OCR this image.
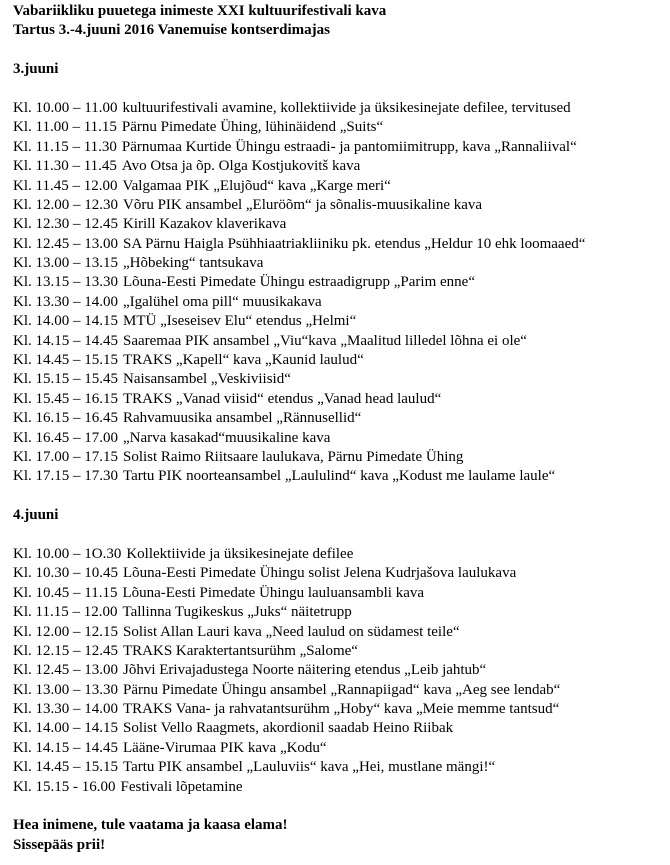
Vabariikliku puuetega inimeste XXI kultuurifestivali kava
Tartus 3.-4.juuni 2016 Vanemuise kontserdimajas
3.juuni
Kl. 10.00 – 11.00 kultuurifestivali avamine, kollektiivide ja üksikesinejate defilee, tervitused
Kl. 11.00 – 11.15 Pärnu Pimedate Ühing, lühinäidend „Suits“
Kl. 11.15 – 11.30 Pärnumaa Kurtide Ühingu estraadi- ja pantomiimitrupp, kava „Rannaliival“
Kl. 11.30 – 11.45 Avo Otsa ja õp. Olga Kostjukovitš kava
Kl. 11.45 – 12.00 Valgamaa PIK „Elujõud“ kava „Karge meri“
Kl. 12.00 – 12.30 Võru PIK ansambel „Eluröõm“ ja sõnalis-muusikaline kava
Kl. 12.30 – 12.45 Kirill Kazakov klaverikava
Kl. 12.45 – 13.00 SA Pärnu Haigla Psühhiaatriakliiniku pk. etendus „Heldur 10 ehk loomaaed“
Kl. 13.00 – 13.15 „Hõbeking“ tantsukava
Kl. 13.15 – 13.30 Lõuna-Eesti Pimedate Ühingu estraadigrupp „Parim enne“
Kl. 13.30 – 14.00 „Igalühel oma pill“ muusikakava
Kl. 14.00 – 14.15 MTÜ „Iseseisev Elu“ etendus „Helmi“
Kl. 14.15 – 14.45 Saaremaa PIK ansambel „Viu“kava „Maalitud lilledel lõhna ei ole“
Kl. 14.45 – 15.15 TRAKS „Kapell“ kava „Kaunid laulud“
Kl. 15.15 – 15.45 Naisansambel „Veskiviisid“
Kl. 15.45 – 16.15 TRAKS „Vanad viisid“ etendus „Vanad head laulud“
Kl. 16.15 – 16.45 Rahvamuusika ansambel „Rännusellid“
Kl. 16.45 – 17.00 „Narva kasakad“muusikaline kava
Kl. 17.00 – 17.15 Solist Raimo Riitsaare laulukava, Pärnu Pimedate Ühing
Kl. 17.15 – 17.30 Tartu PIK noorteansambel „Laululind“ kava „Kodust me laulame laule“
4.juuni
Kl. 10.00 – 1O.30 Kollektiivide ja üksikesinejate defilee
Kl. 10.30 – 10.45 Lõuna-Eesti Pimedate Ühingu solist Jelena Kudrjašova laulukava
Kl. 10.45 – 11.15 Lõuna-Eesti Pimedate Ühingu lauluansambli kava
Kl. 11.15 – 12.00 Tallinna Tugikeskus „Juks“ näitetrupp
Kl. 12.00 – 12.15 Solist Allan Lauri kava „Need laulud on südamest teile“
Kl. 12.15 – 12.45 TRAKS Karaktertantsurühm „Salome“
Kl. 12.45 – 13.00 Jõhvi Erivajadustega Noorte näitering etendus „Leib jahtub“
Kl. 13.00 – 13.30 Pärnu Pimedate Ühingu ansambel „Rannapiigad“ kava „Aeg see lendab“
Kl. 13.30 – 14.00 TRAKS Vana- ja rahvatantsurühm „Hoby“ kava „Meie memme tantsud“
Kl. 14.00 – 14.15 Solist Vello Raagmets, akordionil saadab Heino Riibak
Kl. 14.15 – 14.45 Lääne-Virumaa PIK kava „Kodu“
Kl. 14.45 – 15.15 Tartu PIK ansambel „Lauluviis“ kava „Hei, mustlane mängi!“
Kl. 15.15 - 16.00 Festivali lõpetamine
Hea inimene, tule vaatama ja kaasa elama!
Sissepääs prii!
